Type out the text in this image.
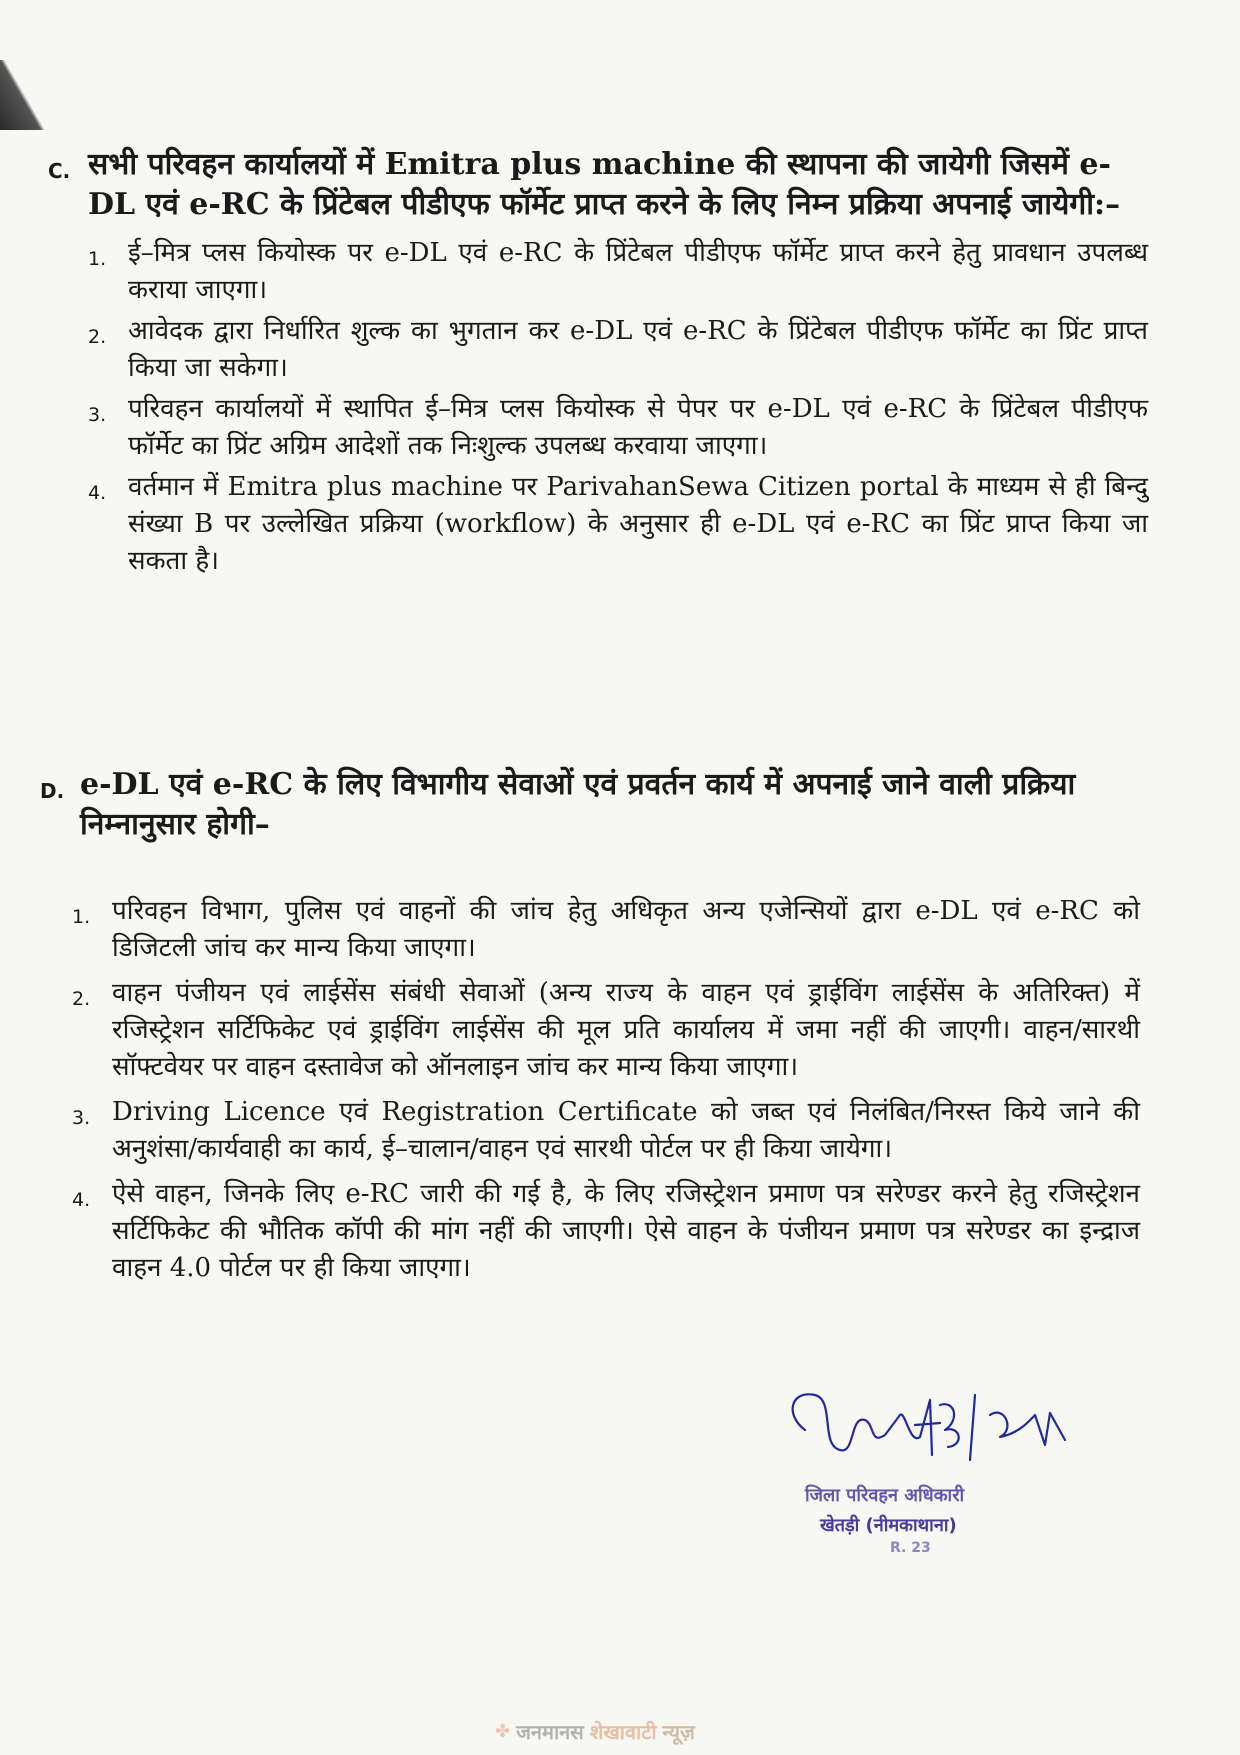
C. सभी परिवहन कार्यालयों में Emitra plus machine की स्थापना की जायेगी जिसमें e-DL एवं e-RC के प्रिंटेबल पीडीएफ फॉर्मेट प्राप्त करने के लिए निम्न प्रक्रिया अपनाई जायेगी:–
1. ई–मित्र प्लस कियोस्क पर e-DL एवं e-RC के प्रिंटेबल पीडीएफ फॉर्मेट प्राप्त करने हेतु प्रावधान उपलब्ध कराया जाएगा।
2. आवेदक द्वारा निर्धारित शुल्क का भुगतान कर e-DL एवं e-RC के प्रिंटेबल पीडीएफ फॉर्मेट का प्रिंट प्राप्त किया जा सकेगा।
3. परिवहन कार्यालयों में स्थापित ई–मित्र प्लस कियोस्क से पेपर पर e-DL एवं e-RC के प्रिंटेबल पीडीएफ फॉर्मेट का प्रिंट अग्रिम आदेशों तक निःशुल्क उपलब्ध करवाया जाएगा।
4. वर्तमान में Emitra plus machine पर ParivahanSewa Citizen portal के माध्यम से ही बिन्दु संख्या B पर उल्लेखित प्रक्रिया (workflow) के अनुसार ही e-DL एवं e-RC का प्रिंट प्राप्त किया जा सकता है।
D. e-DL एवं e-RC के लिए विभागीय सेवाओं एवं प्रवर्तन कार्य में अपनाई जाने वाली प्रक्रिया निम्नानुसार होगी–
1. परिवहन विभाग, पुलिस एवं वाहनों की जांच हेतु अधिकृत अन्य एजेन्सियों द्वारा e-DL एवं e-RC को डिजिटली जांच कर मान्य किया जाएगा।
2. वाहन पंजीयन एवं लाईसेंस संबंधी सेवाओं (अन्य राज्य के वाहन एवं ड्राईविंग लाईसेंस के अतिरिक्त) में रजिस्ट्रेशन सर्टिफिकेट एवं ड्राईविंग लाईसेंस की मूल प्रति कार्यालय में जमा नहीं की जाएगी। वाहन/सारथी सॉफ्टवेयर पर वाहन दस्तावेज को ऑनलाइन जांच कर मान्य किया जाएगा।
3. Driving Licence एवं Registration Certificate को जब्त एवं निलंबित/निरस्त किये जाने की अनुशंसा/कार्यवाही का कार्य, ई–चालान/वाहन एवं सारथी पोर्टल पर ही किया जायेगा।
4. ऐसे वाहन, जिनके लिए e-RC जारी की गई है, के लिए रजिस्ट्रेशन प्रमाण पत्र सरेण्डर करने हेतु रजिस्ट्रेशन सर्टिफिकेट की भौतिक कॉपी की मांग नहीं की जाएगी। ऐसे वाहन के पंजीयन प्रमाण पत्र सरेण्डर का इन्द्राज वाहन 4.0 पोर्टल पर ही किया जाएगा।
जिला परिवहन अधिकारी
खेतड़ी (नीमकाथाना)
R. 23
✤ जनमानस शेखावाटी न्यूज़
